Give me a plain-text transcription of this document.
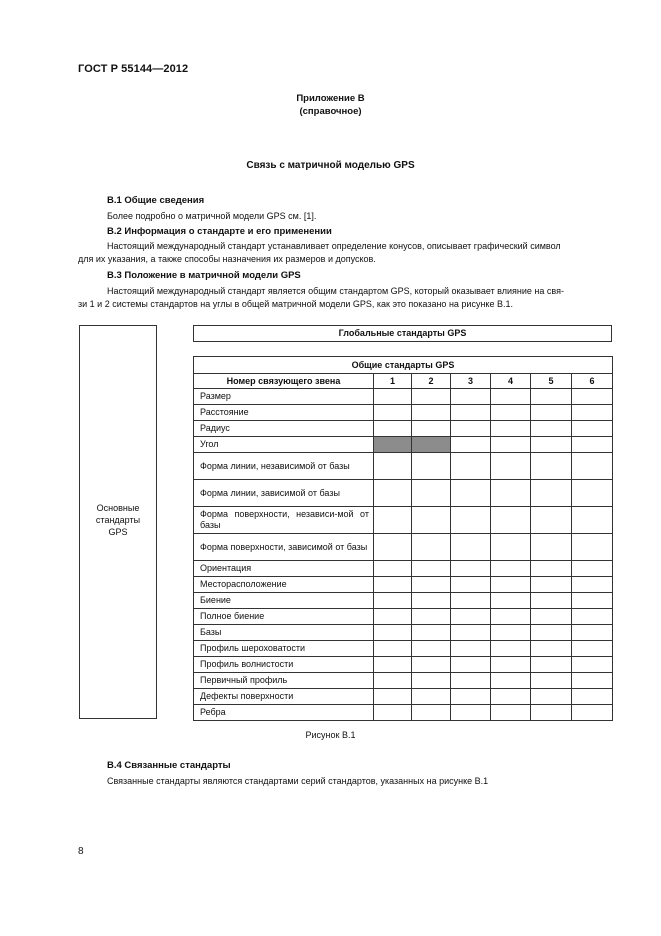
ГОСТ Р 55144—2012
Приложение В
(справочное)
Связь с матричной моделью GPS
В.1 Общие сведения
Более подробно о матричной модели GPS см. [1].
В.2 Информация о стандарте и его применении
Настоящий международный стандарт устанавливает определение конусов, описывает графический символ
для их указания, а также способы назначения их размеров и допусков.
В.3 Положение в матричной модели GPS
Настоящий международный стандарт является общим стандартом GPS, который оказывает влияние на свя-
зи 1 и 2 системы стандартов на углы в общей матричной модели GPS, как это показано на рисунке В.1.
Основные
стандарты
GPS
Глобальные стандарты GPS
Общие стандарты GPS						
Номер связующего звена	1	2	3	4	5	6
Размер						
Расстояние						
Радиус						
Угол						
Форма линии, независимой от базы						
Форма линии, зависимой от базы						
Форма поверхности, независи-мой от базы						
Форма поверхности, зависимой от базы						
Ориентация						
Месторасположение						
Биение						
Полное биение						
Базы						
Профиль шероховатости						
Профиль волнистости						
Первичный профиль						
Дефекты поверхности						
Ребра						
Рисунок В.1
В.4 Связанные стандарты
Связанные стандарты являются стандартами серий стандартов, указанных на рисунке В.1
8
